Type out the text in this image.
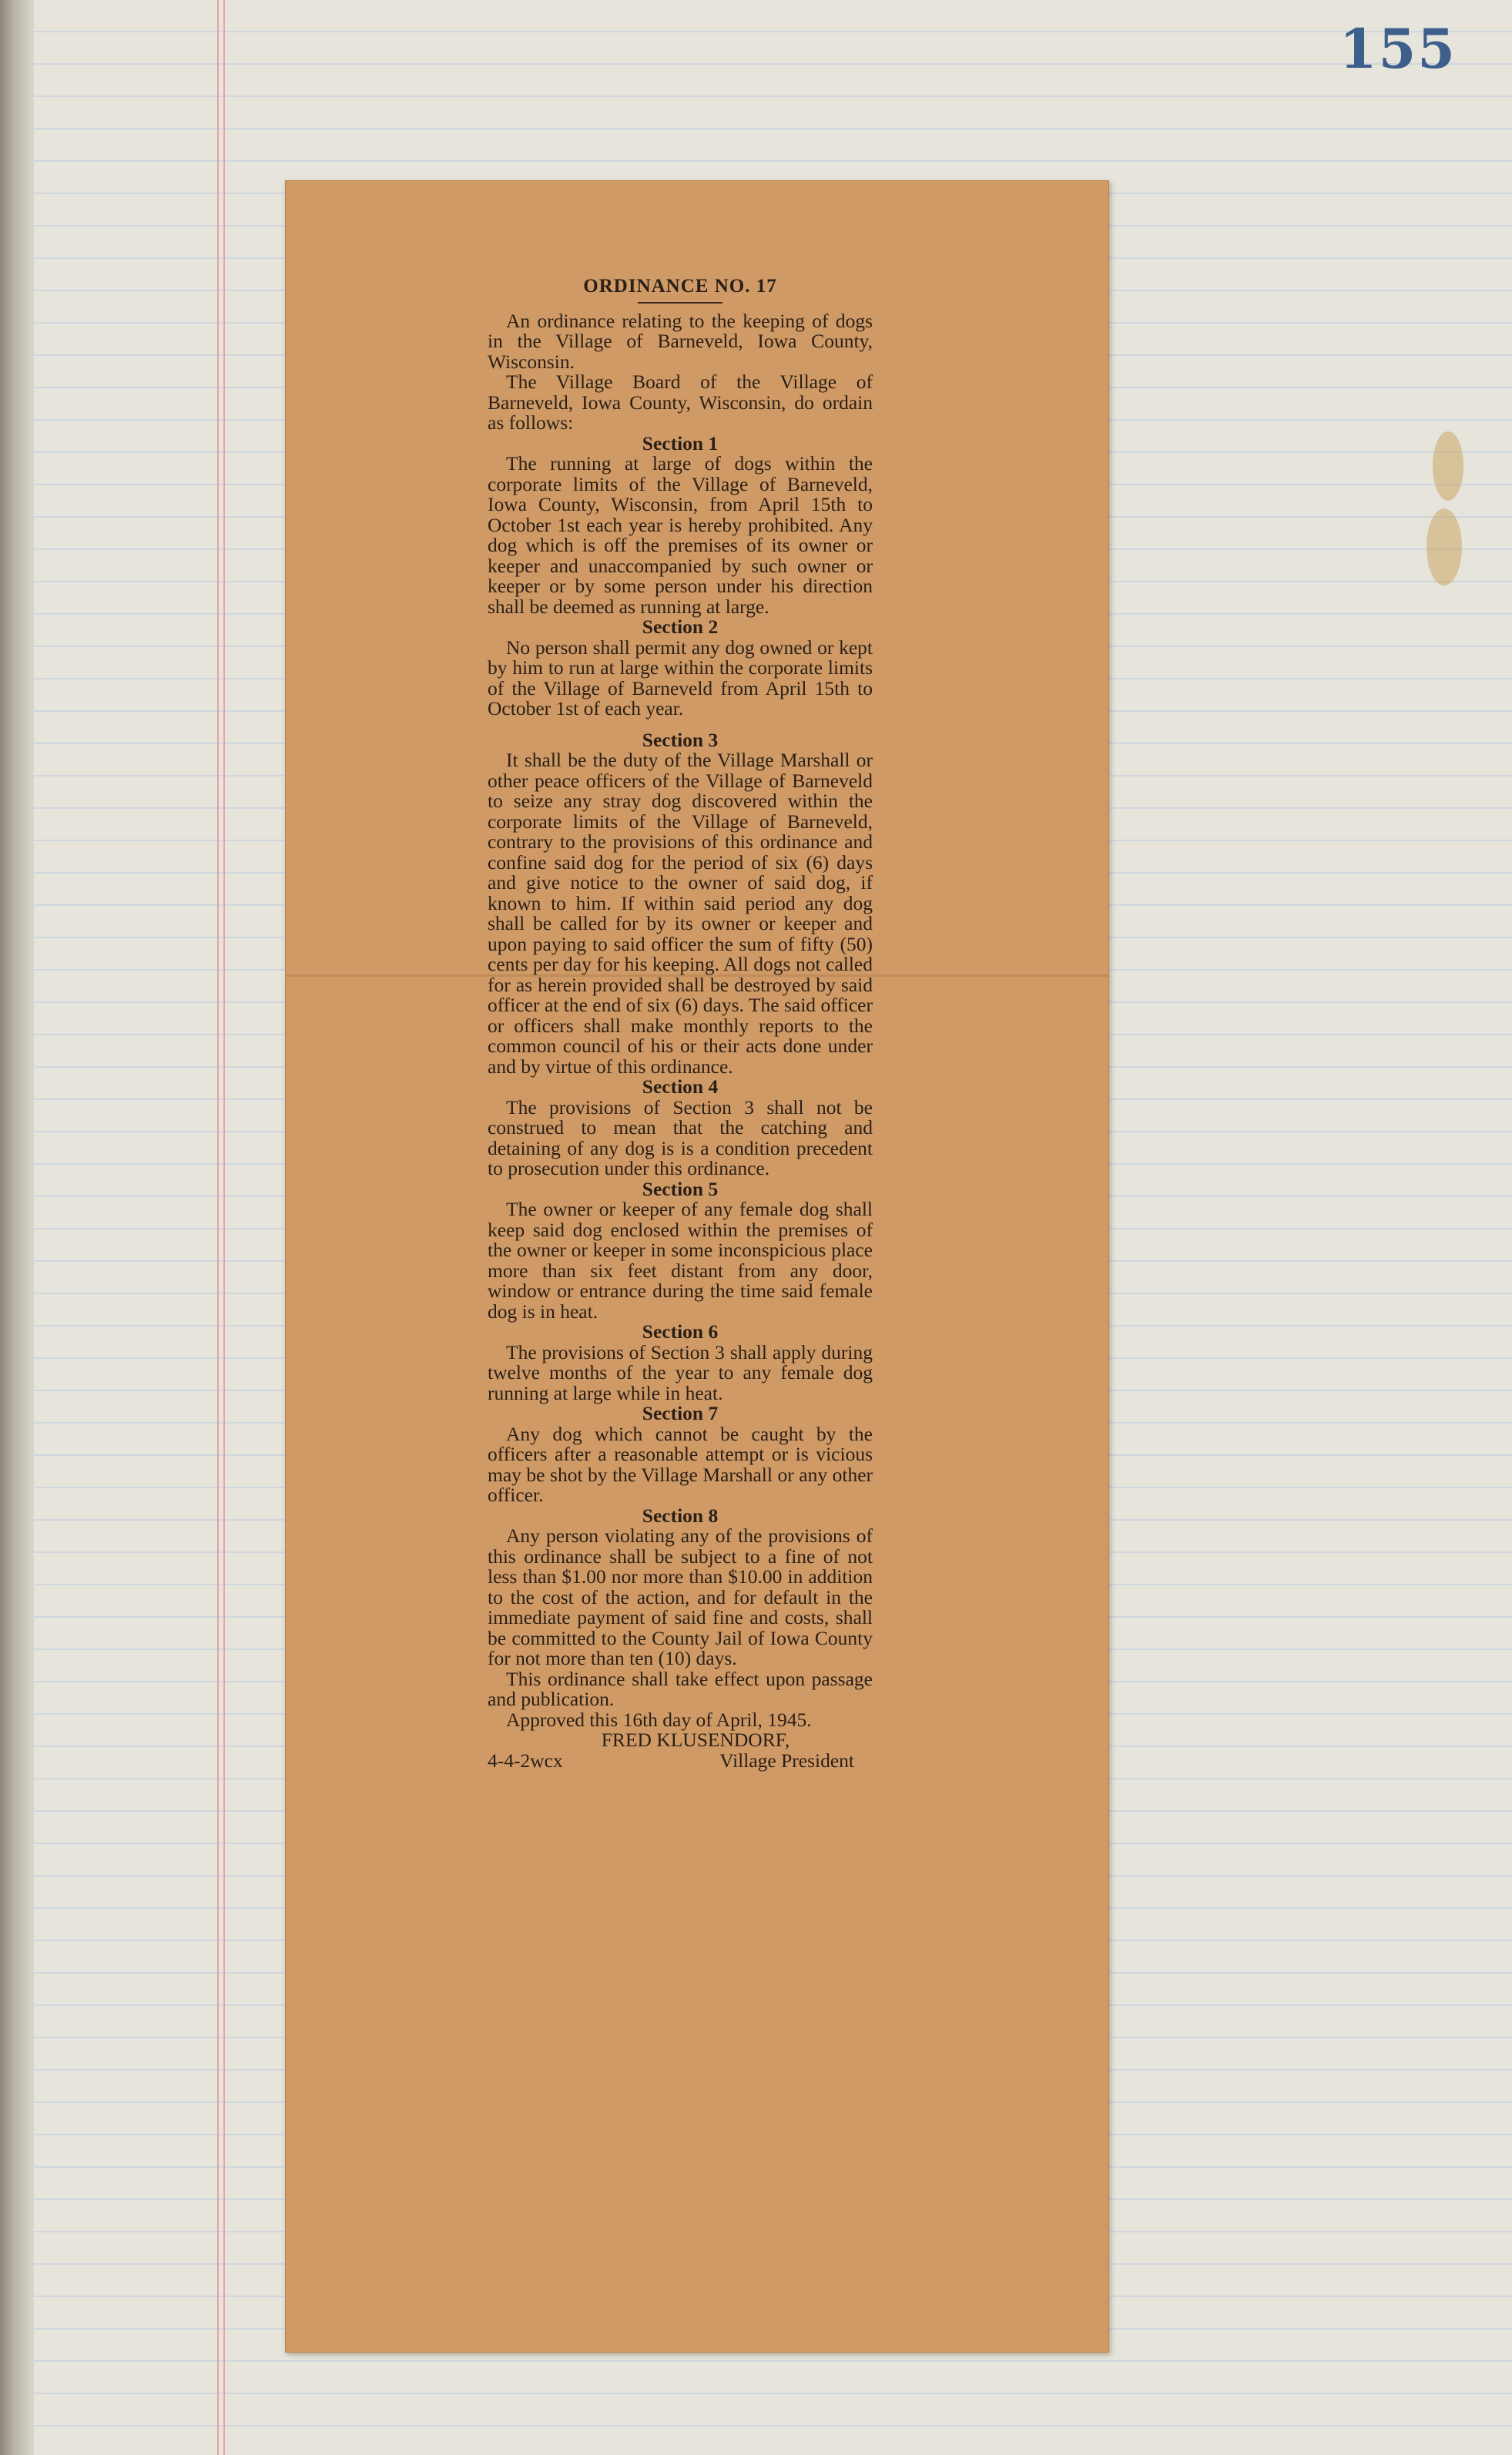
155

ORDINANCE NO. 17

An ordinance relating to the keeping of dogs in the Village of Barneveld, Iowa County, Wisconsin.

The Village Board of the Village of Barneveld, Iowa County, Wisconsin, do ordain as follows:

Section 1

The running at large of dogs within the corporate limits of the Village of Barneveld, Iowa County, Wisconsin, from April 15th to October 1st each year is hereby prohibited. Any dog which is off the premises of its owner or keeper and unaccompanied by such owner or keeper or by some person under his direction shall be deemed as running at large.

Section 2

No person shall permit any dog owned or kept by him to run at large within the corporate limits of the Village of Barneveld from April 15th to October 1st of each year.

Section 3

It shall be the duty of the Village Marshall or other peace officers of the Village of Barneveld to seize any stray dog discovered within the corporate limits of the Village of Barneveld, contrary to the provisions of this ordinance and confine said dog for the period of six (6) days and give notice to the owner of said dog, if known to him. If within said period any dog shall be called for by its owner or keeper and upon paying to said officer the sum of fifty (50) cents per day for his keeping. All dogs not called for as herein provided shall be destroyed by said officer at the end of six (6) days. The said officer or officers shall make monthly reports to the common council of his or their acts done under and by virtue of this ordinance.

Section 4

The provisions of Section 3 shall not be construed to mean that the catching and detaining of any dog is is a condition precedent to prosecution under this ordinance.

Section 5

The owner or keeper of any female dog shall keep said dog enclosed within the premises of the owner or keeper in some inconspicious place more than six feet distant from any door, window or entrance during the time said female dog is in heat.

Section 6

The provisions of Section 3 shall apply during twelve months of the year to any female dog running at large while in heat.

Section 7

Any dog which cannot be caught by the officers after a reasonable attempt or is vicious may be shot by the Village Marshall or any other officer.

Section 8

Any person violating any of the provisions of this ordinance shall be subject to a fine of not less than $1.00 nor more than $10.00 in addition to the cost of the action, and for default in the immediate payment of said fine and costs, shall be committed to the County Jail of Iowa County for not more than ten (10) days.

This ordinance shall take effect upon passage and publication.

Approved this 16th day of April, 1945.

FRED KLUSENDORF,

4-4-2wcx	Village President
